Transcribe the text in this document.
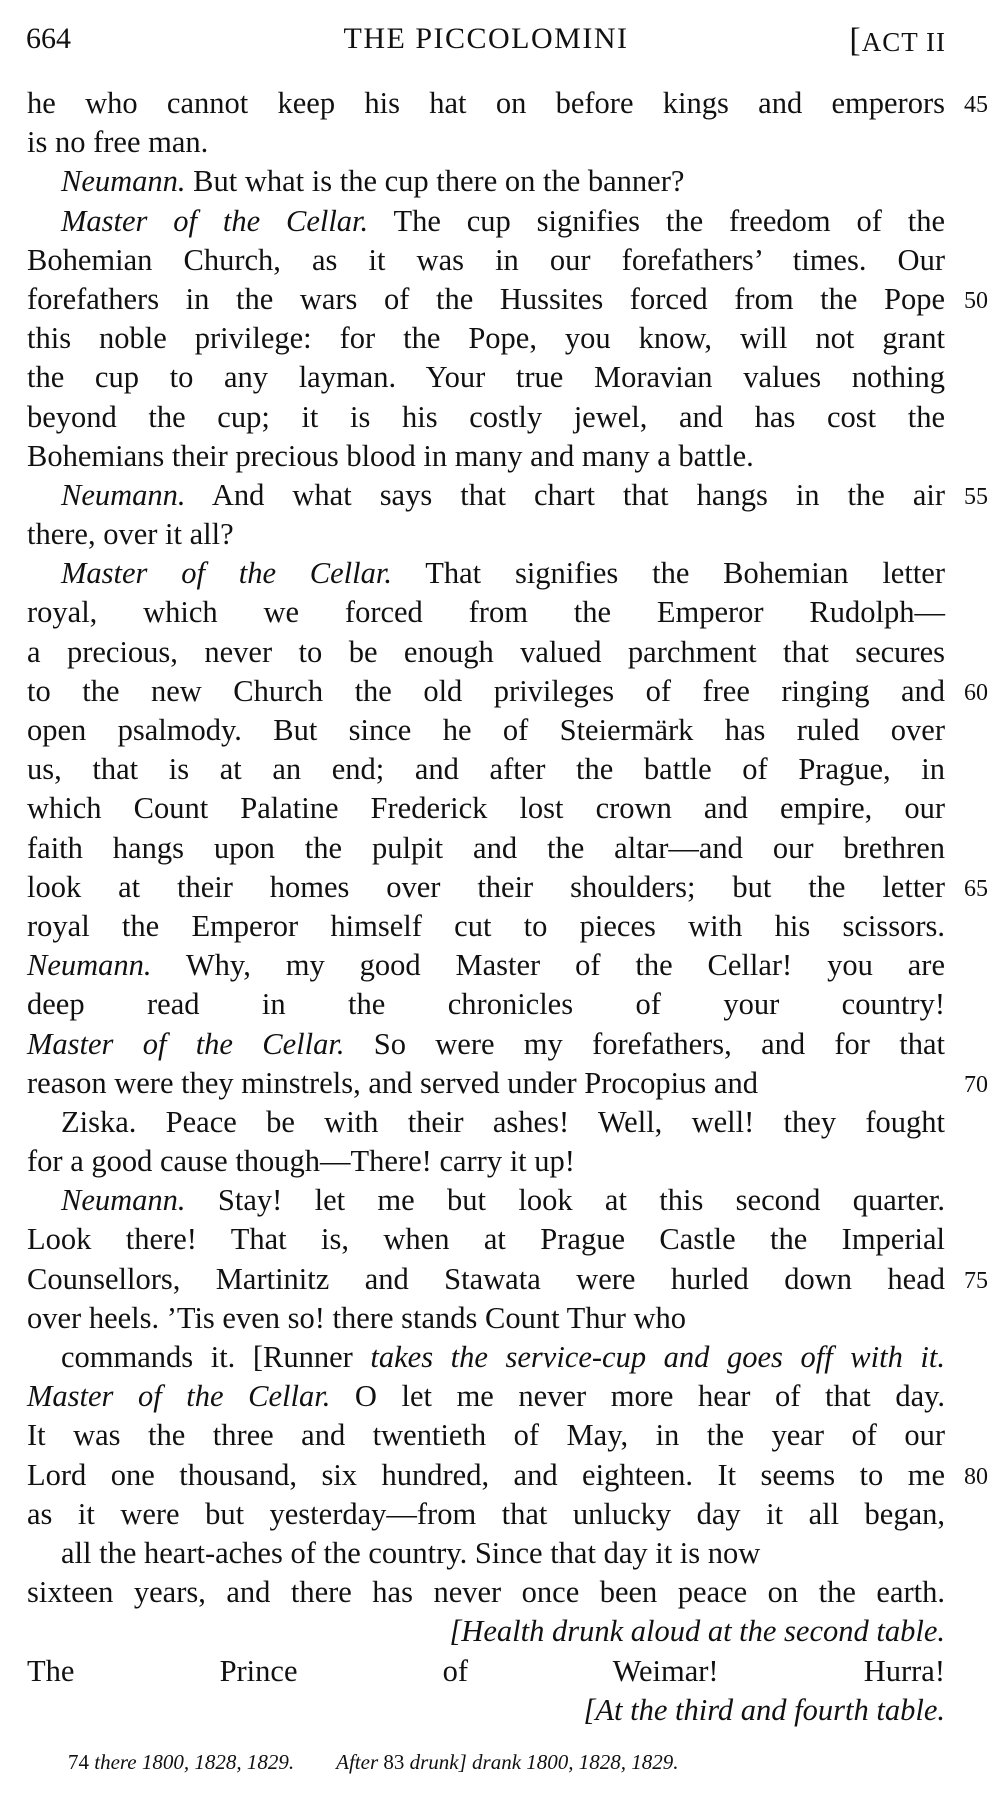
664	THE PICCOLOMINI	[ACT II
he who cannot keep his hat on before kings and emperors 45
is no free man.
Neumann. But what is the cup there on the banner?
Master of the Cellar. The cup signifies the freedom of the
Bohemian Church, as it was in our forefathers’ times. Our
forefathers in the wars of the Hussites forced from the Pope 50
this noble privilege: for the Pope, you know, will not grant
the cup to any layman. Your true Moravian values nothing
beyond the cup; it is his costly jewel, and has cost the
Bohemians their precious blood in many and many a battle.
Neumann. And what says that chart that hangs in the air 55
there, over it all?
Master of the Cellar. That signifies the Bohemian letter
royal, which we forced from the Emperor Rudolph—
a precious, never to be enough valued parchment that secures
to the new Church the old privileges of free ringing and 60
open psalmody. But since he of Steiermärk has ruled over
us, that is at an end; and after the battle of Prague, in
which Count Palatine Frederick lost crown and empire, our
faith hangs upon the pulpit and the altar—and our brethren
look at their homes over their shoulders; but the letter 65
royal the Emperor himself cut to pieces with his scissors.
Neumann. Why, my good Master of the Cellar! you are
deep read in the chronicles of your country!
Master of the Cellar. So were my forefathers, and for that
reason were they minstrels, and served under Procopius and	70
Ziska. Peace be with their ashes! Well, well! they fought
for a good cause though—There! carry it up!
Neumann. Stay! let me but look at this second quarter.
Look there! That is, when at Prague Castle the Imperial
Counsellors, Martinitz and Stawata were hurled down head 75
over heels. ’Tis even so! there stands Count Thur who
commands it. [Runner takes the service-cup and goes off with it.
Master of the Cellar. O let me never more hear of that day.
It was the three and twentieth of May, in the year of our
Lord one thousand, six hundred, and eighteen. It seems to me 80
as it were but yesterday—from that unlucky day it all began,
all the heart-aches of the country. Since that day it is now
sixteen years, and there has never once been peace on the earth.
[Health drunk aloud at the second table.
The Prince of Weimar! Hurra!
[At the third and fourth table.
74 there 1800, 1828, 1829. After 83 drunk] drank 1800, 1828, 1829.
